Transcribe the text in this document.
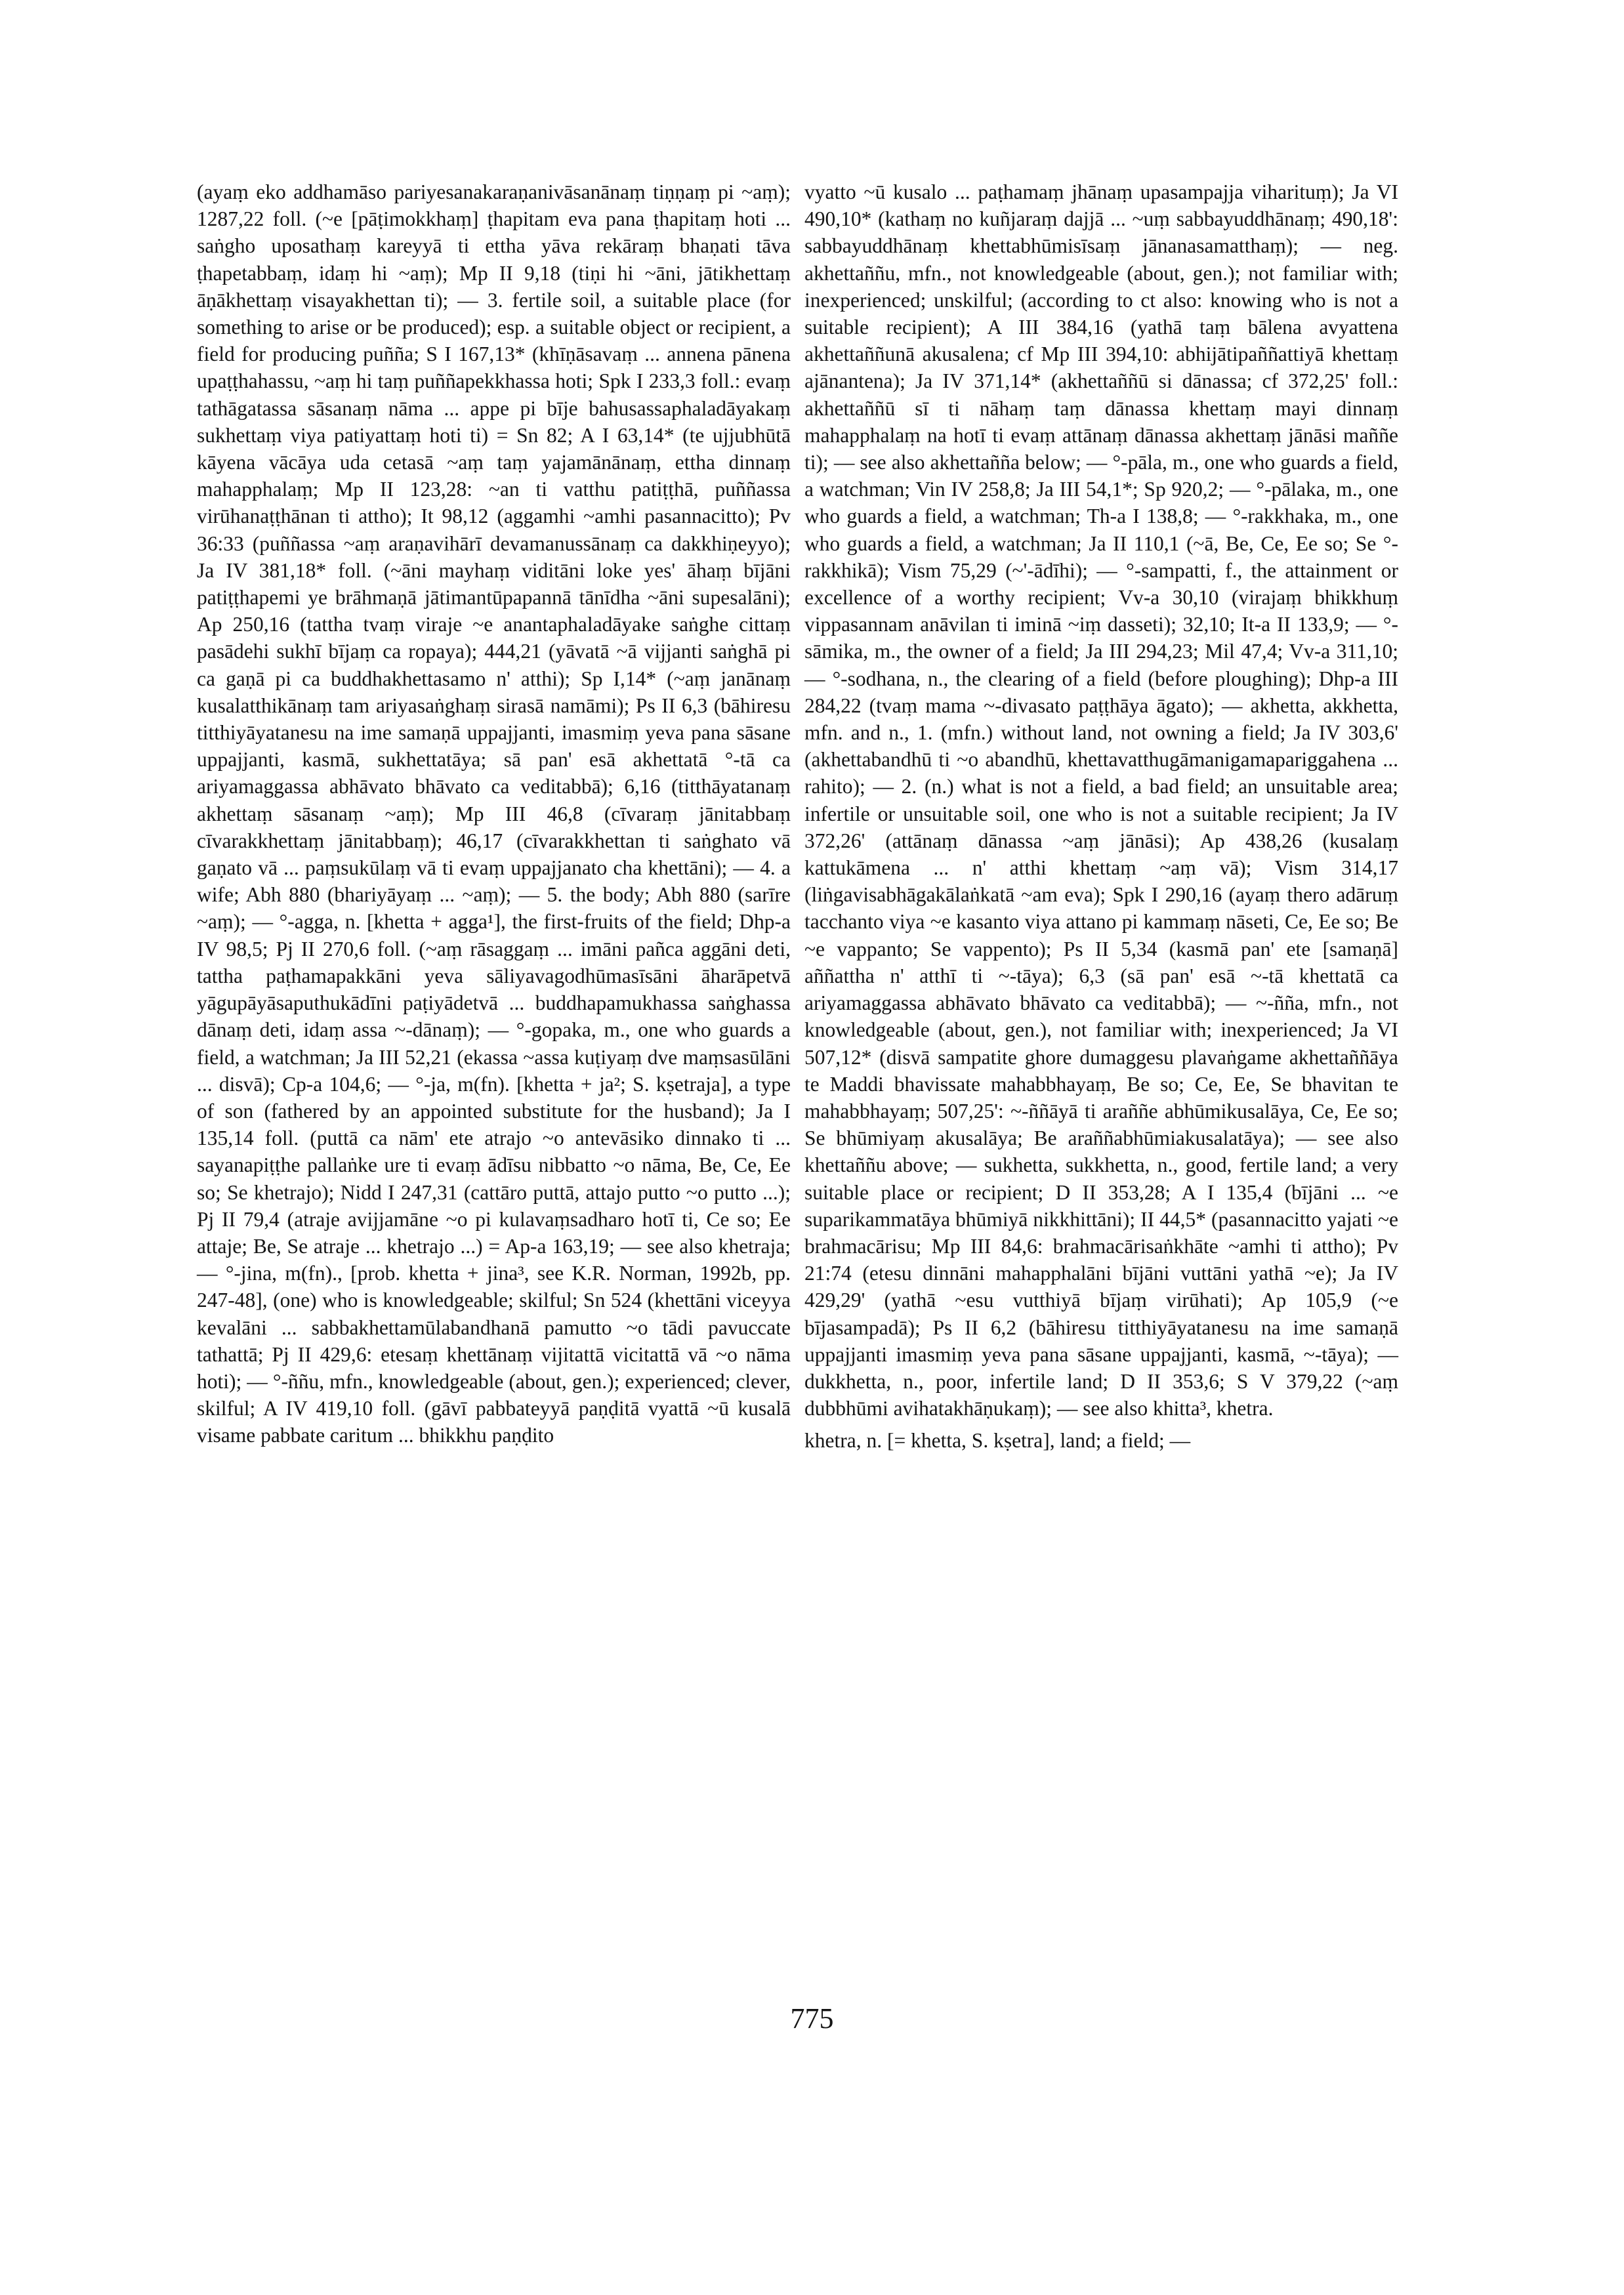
(ayaṃ eko addhamāso pariyesanakaraṇanivāsanānaṃ tiṇṇaṃ pi ~aṃ); 1287,22 foll. (~e [pāṭimokkhaṃ] ṭhapitam eva pana ṭhapitaṃ hoti ... saṅgho uposathaṃ kareyyā ti ettha yāva rekāraṃ bhaṇati tāva ṭhapetabbaṃ, idaṃ hi ~aṃ); Mp II 9,18 (tiṇi hi ~āni, jātikhettaṃ āṇākhettaṃ visayakhettan ti); — 3. fertile soil, a suitable place (for something to arise or be produced); esp. a suitable object or recipient, a field for producing puñña; S I 167,13* (khīṇāsavaṃ ... annena pānena upaṭṭhahassu, ~aṃ hi taṃ puññapekkhassa hoti; Spk I 233,3 foll.: evaṃ tathāgatassa sāsanaṃ nāma ... appe pi bīje bahusassaphaladāyakaṃ sukhettaṃ viya patiyattaṃ hoti ti) = Sn 82; A I 63,14* (te ujjubhūtā kāyena vācāya uda cetasā ~aṃ taṃ yajamānānaṃ, ettha dinnaṃ mahapphalaṃ; Mp II 123,28: ~an ti vatthu patiṭṭhā, puññassa virūhanaṭṭhānan ti attho); It 98,12 (aggamhi ~amhi pasannacitto); Pv 36:33 (puññassa ~aṃ araṇavihārī devamanussānaṃ ca dakkhiṇeyyo); Ja IV 381,18* foll. (~āni mayhaṃ viditāni loke yes' āhaṃ bījāni patiṭṭhapemi ye brāhmaṇā jātimantūpapannā tānīdha ~āni supesalāni); Ap 250,16 (tattha tvaṃ viraje ~e anantaphaladāyake saṅghe cittaṃ pasādehi sukhī bījaṃ ca ropaya); 444,21 (yāvatā ~ā vijjanti saṅghā pi ca gaṇā pi ca buddhakhettasamo n' atthi); Sp I,14* (~aṃ janānaṃ kusalatthikānaṃ tam ariyasaṅghaṃ sirasā namāmi); Ps II 6,3 (bāhiresu titthiyāyatanesu na ime samaṇā uppajjanti, imasmiṃ yeva pana sāsane uppajjanti, kasmā, sukhettatāya; sā pan' esā akhettatā °-tā ca ariyamaggassa abhāvato bhāvato ca veditabbā); 6,16 (titthāyatanaṃ akhettaṃ sāsanaṃ ~aṃ); Mp III 46,8 (cīvaraṃ jānitabbaṃ cīvarakkhettaṃ jānitabbaṃ); 46,17 (cīvarakkhettan ti saṅghato vā gaṇato vā ... paṃsukūlaṃ vā ti evaṃ uppajjanato cha khettāni); — 4. a wife; Abh 880 (bhariyāyaṃ ... ~aṃ); — 5. the body; Abh 880 (sarīre ~aṃ); — °-agga, n. [khetta + agga¹], the first-fruits of the field; Dhp-a IV 98,5; Pj II 270,6 foll. (~aṃ rāsaggaṃ ... imāni pañca aggāni deti, tattha paṭhamapakkāni yeva sāliyavagodhūmasīsāni āharāpetvā yāgupāyāsaputhukādīni paṭiyādetvā ... buddhapamukhassa saṅghassa dānaṃ deti, idaṃ assa ~-dānaṃ); — °-gopaka, m., one who guards a field, a watchman; Ja III 52,21 (ekassa ~assa kuṭiyaṃ dve maṃsasūlāni ... disvā); Cp-a 104,6; — °-ja, m(fn). [khetta + ja²; S. kṣetraja], a type of son (fathered by an appointed substitute for the husband); Ja I 135,14 foll. (puttā ca nām' ete atrajo ~o antevāsiko dinnako ti ... sayanapiṭṭhe pallaṅke ure ti evaṃ ādīsu nibbatto ~o nāma, Be, Ce, Ee so; Se khetrajo); Nidd I 247,31 (cattāro puttā, attajo putto ~o putto ...); Pj II 79,4 (atraje avijjamāne ~o pi kulavaṃsadharo hotī ti, Ce so; Ee attaje; Be, Se atraje ... khetrajo ...) = Ap-a 163,19; — see also khetraja; — °-jina, m(fn)., [prob. khetta + jina³, see K.R. Norman, 1992b, pp. 247-48], (one) who is knowledgeable; skilful; Sn 524 (khettāni viceyya kevalāni ... sabbakhettamūlabandhanā pamutto ~o tādi pavuccate tathattā; Pj II 429,6: etesaṃ khettānaṃ vijitattā vicitattā vā ~o nāma hoti); — °-ññu, mfn., knowledgeable (about, gen.); experienced; clever, skilful; A IV 419,10 foll. (gāvī pabbateyyā paṇḍitā vyattā ~ū kusalā visame pabbate caritum ... bhikkhu paṇḍito

vyatto ~ū kusalo ... paṭhamaṃ jhānaṃ upasampajja viharituṃ); Ja VI 490,10* (kathaṃ no kuñjaraṃ dajjā ... ~uṃ sabbayuddhānaṃ; 490,18': sabbayuddhānaṃ khettabhūmisīsaṃ jānanasamatthaṃ); — neg. akhettaññu, mfn., not knowledgeable (about, gen.); not familiar with; inexperienced; unskilful; (according to ct also: knowing who is not a suitable recipient); A III 384,16 (yathā taṃ bālena avyattena akhettaññunā akusalena; cf Mp III 394,10: abhijātipaññattiyā khettaṃ ajānantena); Ja IV 371,14* (akhettaññū si dānassa; cf 372,25' foll.: akhettaññū sī ti nāhaṃ taṃ dānassa khettaṃ mayi dinnaṃ mahapphalaṃ na hotī ti evaṃ attānaṃ dānassa akhettaṃ jānāsi maññe ti); — see also akhettañña below; — °-pāla, m., one who guards a field, a watchman; Vin IV 258,8; Ja III 54,1*; Sp 920,2; — °-pālaka, m., one who guards a field, a watchman; Th-a I 138,8; — °-rakkhaka, m., one who guards a field, a watchman; Ja II 110,1 (~ā, Be, Ce, Ee so; Se °-rakkhikā); Vism 75,29 (~'-ādīhi); — °-sampatti, f., the attainment or excellence of a worthy recipient; Vv-a 30,10 (virajaṃ bhikkhuṃ vippasannam anāvilan ti iminā ~iṃ dasseti); 32,10; It-a II 133,9; — °-sāmika, m., the owner of a field; Ja III 294,23; Mil 47,4; Vv-a 311,10; — °-sodhana, n., the clearing of a field (before ploughing); Dhp-a III 284,22 (tvaṃ mama ~-divasato paṭṭhāya āgato); — akhetta, akkhetta, mfn. and n., 1. (mfn.) without land, not owning a field; Ja IV 303,6' (akhettabandhū ti ~o abandhū, khettavatthugāmanigamapariggahena ... rahito); — 2. (n.) what is not a field, a bad field; an unsuitable area; infertile or unsuitable soil, one who is not a suitable recipient; Ja IV 372,26' (attānaṃ dānassa ~aṃ jānāsi); Ap 438,26 (kusalaṃ kattukāmena ... n' atthi khettaṃ ~aṃ vā); Vism 314,17 (liṅgavisabhāgakālaṅkatā ~am eva); Spk I 290,16 (ayaṃ thero adāruṃ tacchanto viya ~e kasanto viya attano pi kammaṃ nāseti, Ce, Ee so; Be ~e vappanto; Se vappento); Ps II 5,34 (kasmā pan' ete [samaṇā] aññattha n' atthī ti ~-tāya); 6,3 (sā pan' esā ~-tā khettatā ca ariyamaggassa abhāvato bhāvato ca veditabbā); — ~-ñña, mfn., not knowledgeable (about, gen.), not familiar with; inexperienced; Ja VI 507,12* (disvā sampatite ghore dumaggesu plavaṅgame akhettaññāya te Maddi bhavissate mahabbhayaṃ, Be so; Ce, Ee, Se bhavitan te mahabbhayaṃ; 507,25': ~-ññāyā ti araññe abhūmikusalāya, Ce, Ee so; Se bhūmiyaṃ akusalāya; Be araññabhūmiakusalatāya); — see also khettaññu above; — sukhetta, sukkhetta, n., good, fertile land; a very suitable place or recipient; D II 353,28; A I 135,4 (bījāni ... ~e suparikammatāya bhūmiyā nikkhittāni); II 44,5* (pasannacitto yajati ~e brahmacārisu; Mp III 84,6: brahmacārisaṅkhāte ~amhi ti attho); Pv 21:74 (etesu dinnāni mahapphalāni bījāni vuttāni yathā ~e); Ja IV 429,29' (yathā ~esu vutthiyā bījaṃ virūhati); Ap 105,9 (~e bījasampadā); Ps II 6,2 (bāhiresu titthiyāyatanesu na ime samaṇā uppajjanti imasmiṃ yeva pana sāsane uppajjanti, kasmā, ~-tāya); — dukkhetta, n., poor, infertile land; D II 353,6; S V 379,22 (~aṃ dubbhūmi avihatakhāṇukaṃ); — see also khitta³, khetra.

khetra, n. [= khetta, S. kṣetra], land; a field; —

775
